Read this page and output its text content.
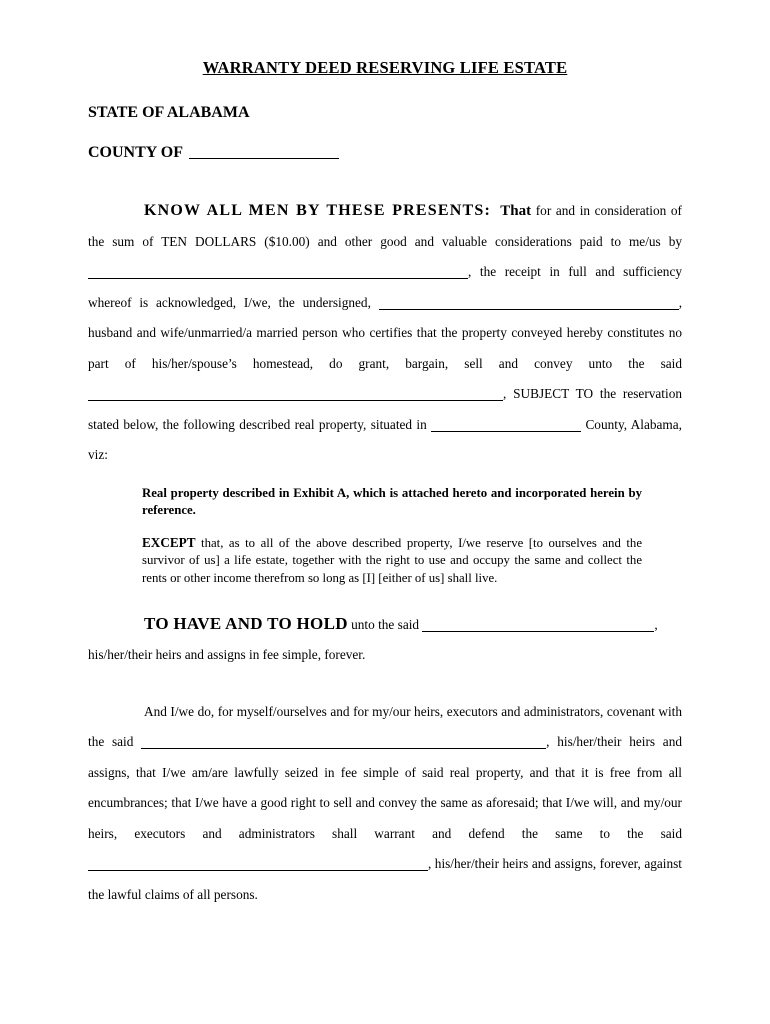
WARRANTY DEED RESERVING LIFE ESTATE
STATE OF ALABAMA
COUNTY OF

KNOW ALL MEN BY THESE PRESENTS: That for and in consideration of the sum of TEN DOLLARS ($10.00) and other good and valuable considerations paid to me/us by , the receipt in full and sufficiency whereof is acknowledged, I/we, the undersigned,	, husband and wife/unmarried/a married person who certifies that the property conveyed hereby constitutes no part of his/her/spouse’s homestead, do grant, bargain, sell and convey unto the said , SUBJECT TO the reservation stated below, the following described real property, situated in	County, Alabama, viz:

Real property described in Exhibit A, which is attached hereto and incorporated herein by reference.
EXCEPT that, as to all of the above described property, I/we reserve [to ourselves and the survivor of us] a life estate, together with the right to use and occupy the same and collect the rents or other income therefrom so long as [I] [either of us] shall live.
TO HAVE AND TO HOLD unto the said	,

his/her/their heirs and assigns in fee simple, forever.

And I/we do, for myself/ourselves and for my/our heirs, executors and administrators, covenant with the said	, his/her/their heirs and assigns, that I/we am/are lawfully seized in fee simple of said real property, and that it is free from all encumbrances; that I/we have a good right to sell and convey the same as aforesaid; that I/we will, and my/our heirs, executors and administrators shall warrant and defend the same to the said , his/her/their heirs and assigns, forever, against the lawful claims of all persons.
